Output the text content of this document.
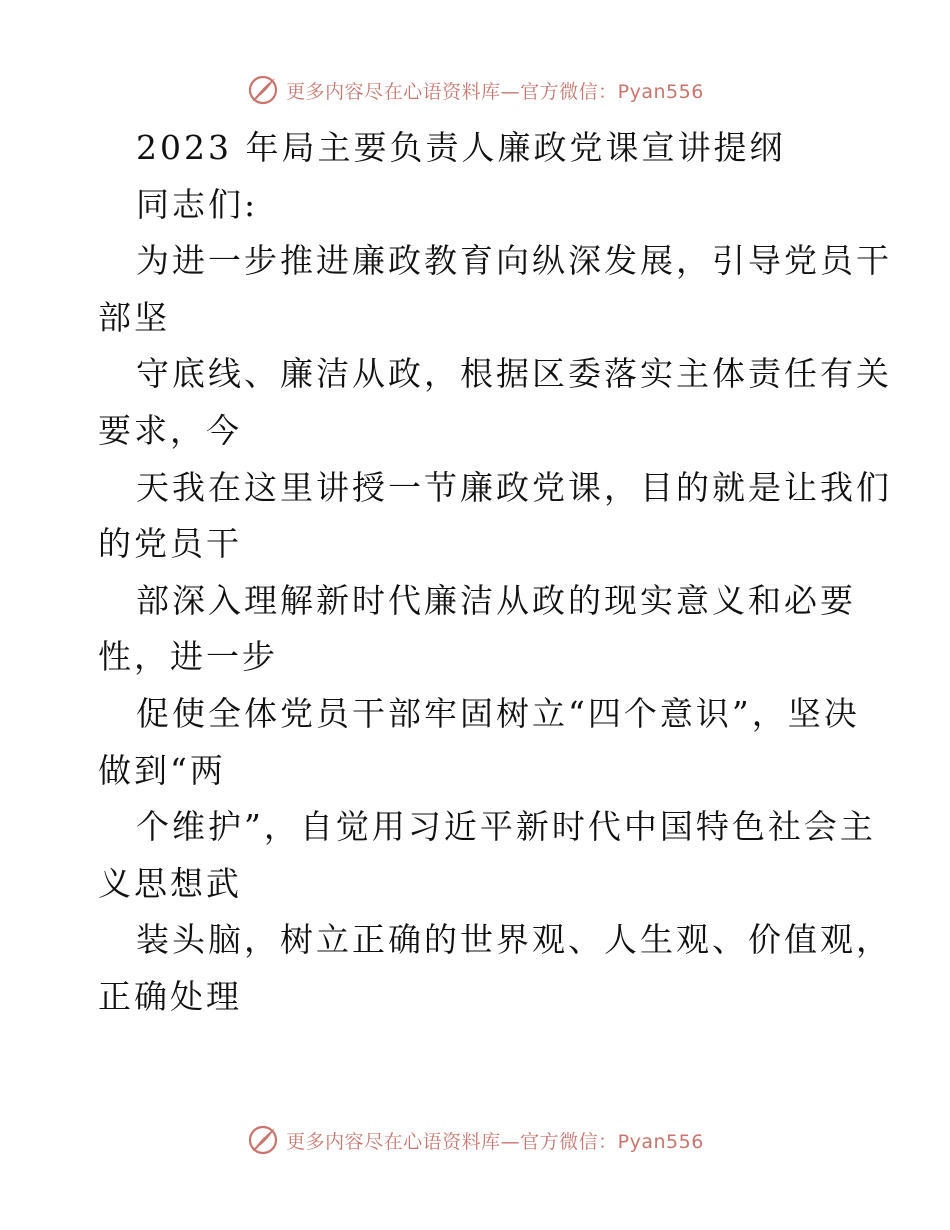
更多内容尽在心语资料库—官方微信：Pyan556
2023 年局主要负责人廉政党课宣讲提纲
同志们:
为进一步推进廉政教育向纵深发展，引导党员干
部坚
守底线、廉洁从政，根据区委落实主体责任有关
要求，今
天我在这里讲授一节廉政党课，目的就是让我们
的党员干
部深入理解新时代廉洁从政的现实意义和必要
性，进一步
促使全体党员干部牢固树立“四个意识”，坚决
做到“两
个维护”，自觉用习近平新时代中国特色社会主
义思想武
装头脑，树立正确的世界观、人生观、价值观，
正确处理
更多内容尽在心语资料库—官方微信：Pyan556
